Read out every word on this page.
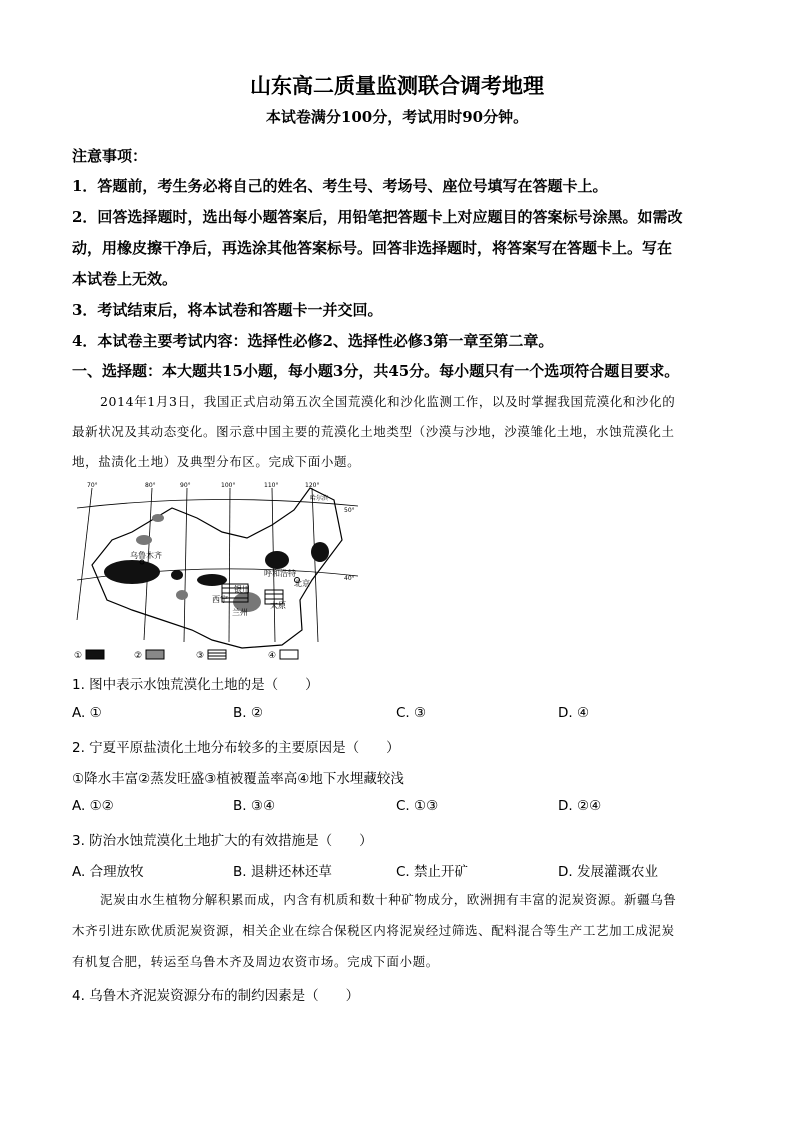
山东高二质量监测联合调考地理
本试卷满分100分，考试用时90分钟。
注意事项：
1．答题前，考生务必将自己的姓名、考生号、考场号、座位号填写在答题卡上。
2．回答选择题时，选出每小题答案后，用铅笔把答题卡上对应题目的答案标号涂黑。如需改
动，用橡皮擦干净后，再选涂其他答案标号。回答非选择题时，将答案写在答题卡上。写在
本试卷上无效。
3．考试结束后，将本试卷和答题卡一并交回。
4．本试卷主要考试内容：选择性必修2、选择性必修3第一章至第二章。
一、选择题：本大题共15小题，每小题3分，共45分。每小题只有一个选项符合题目要求。
2014年1月3日，我国正式启动第五次全国荒漠化和沙化监测工作，以及时掌握我国荒漠化和沙化的
最新状况及其动态变化。图示意中国主要的荒漠化土地类型（沙漠与沙地，沙漠雏化土地，水蚀荒漠化土
地，盐渍化土地）及典型分布区。完成下面小题。
70°	80°	90°	100°	110°	120°
50°
40°
乌鲁木齐
呼和浩特
北京
西宁
银川
兰州
太原
哈尔滨
①	②	③	④
1. 图中表示水蚀荒漠化土地的是（　　）
A. ①	B. ②	C. ③	D. ④
2. 宁夏平原盐渍化土地分布较多的主要原因是（　　）
①降水丰富②蒸发旺盛③植被覆盖率高④地下水埋藏较浅
A. ①②	B. ③④	C. ①③	D. ②④
3. 防治水蚀荒漠化土地扩大的有效措施是（　　）
A. 合理放牧	B. 退耕还林还草	C. 禁止开矿	D. 发展灌溉农业
泥炭由水生植物分解积累而成，内含有机质和数十种矿物成分，欧洲拥有丰富的泥炭资源。新疆乌鲁
木齐引进东欧优质泥炭资源，相关企业在综合保税区内将泥炭经过筛选、配料混合等生产工艺加工成泥炭
有机复合肥，转运至乌鲁木齐及周边农资市场。完成下面小题。
4. 乌鲁木齐泥炭资源分布的制约因素是（　　）
